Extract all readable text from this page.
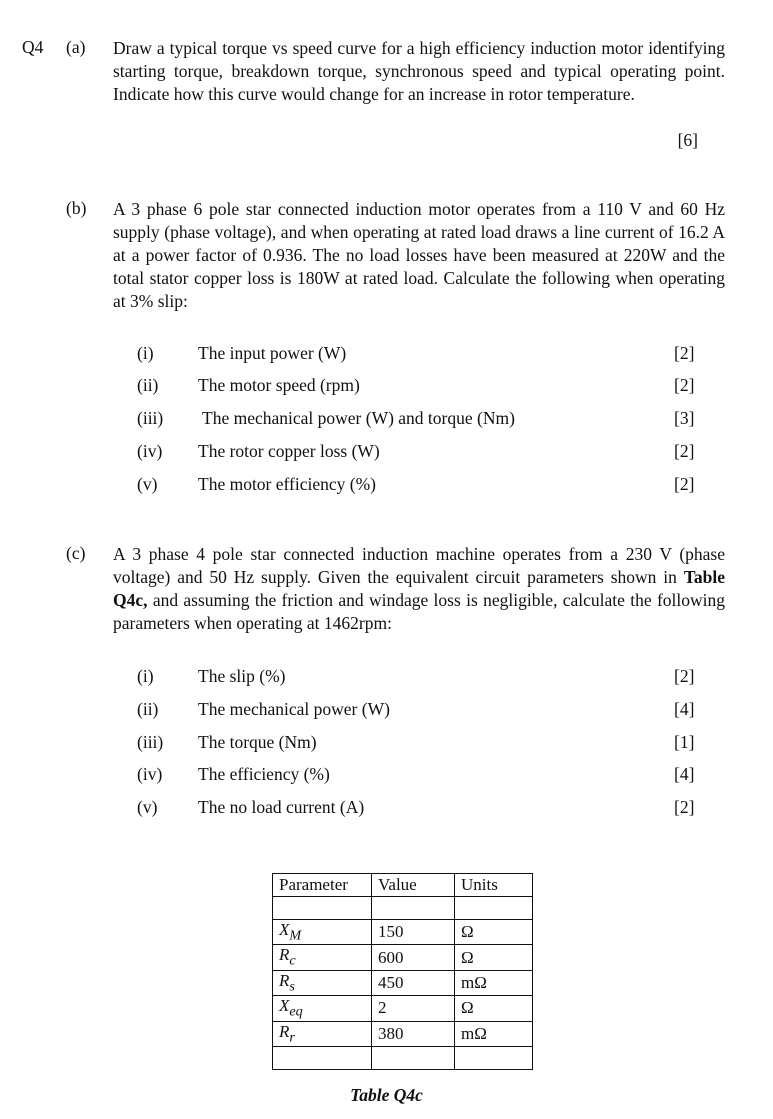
Q4 (a) Draw a typical torque vs speed curve for a high efficiency induction motor identifying starting torque, breakdown torque, synchronous speed and typical operating point. Indicate how this curve would change for an increase in rotor temperature.
[6]
(b) A 3 phase 6 pole star connected induction motor operates from a 110 V and 60 Hz supply (phase voltage), and when operating at rated load draws a line current of 16.2 A at a power factor of 0.936. The no load losses have been measured at 220W and the total stator copper loss is 180W at rated load. Calculate the following when operating at 3% slip:
(i)	The input power (W)	[2]
(ii) The motor speed (rpm)	[2]
(iii) The mechanical power (W) and torque (Nm)	[3]
(iv) The rotor copper loss (W)	[2]
(v) The motor efficiency (%)	[2]
(c) A 3 phase 4 pole star connected induction machine operates from a 230 V (phase voltage) and 50 Hz supply. Given the equivalent circuit parameters shown in Table Q4c, and assuming the friction and windage loss is negligible, calculate the following parameters when operating at 1462rpm:
(i)	The slip (%)	[2]
(ii) The mechanical power (W)	[4]
(iii) The torque (Nm)	[1]
(iv) The efficiency (%)	[4]
(v) The no load current (A)	[2]
Parameter	Value	Units

$X_M$	150	Ω
$R_c$	600	Ω
$R_s$	450	mΩ
$X_{eq}$	2	Ω
$R_r$	380	mΩ

Table Q4c
